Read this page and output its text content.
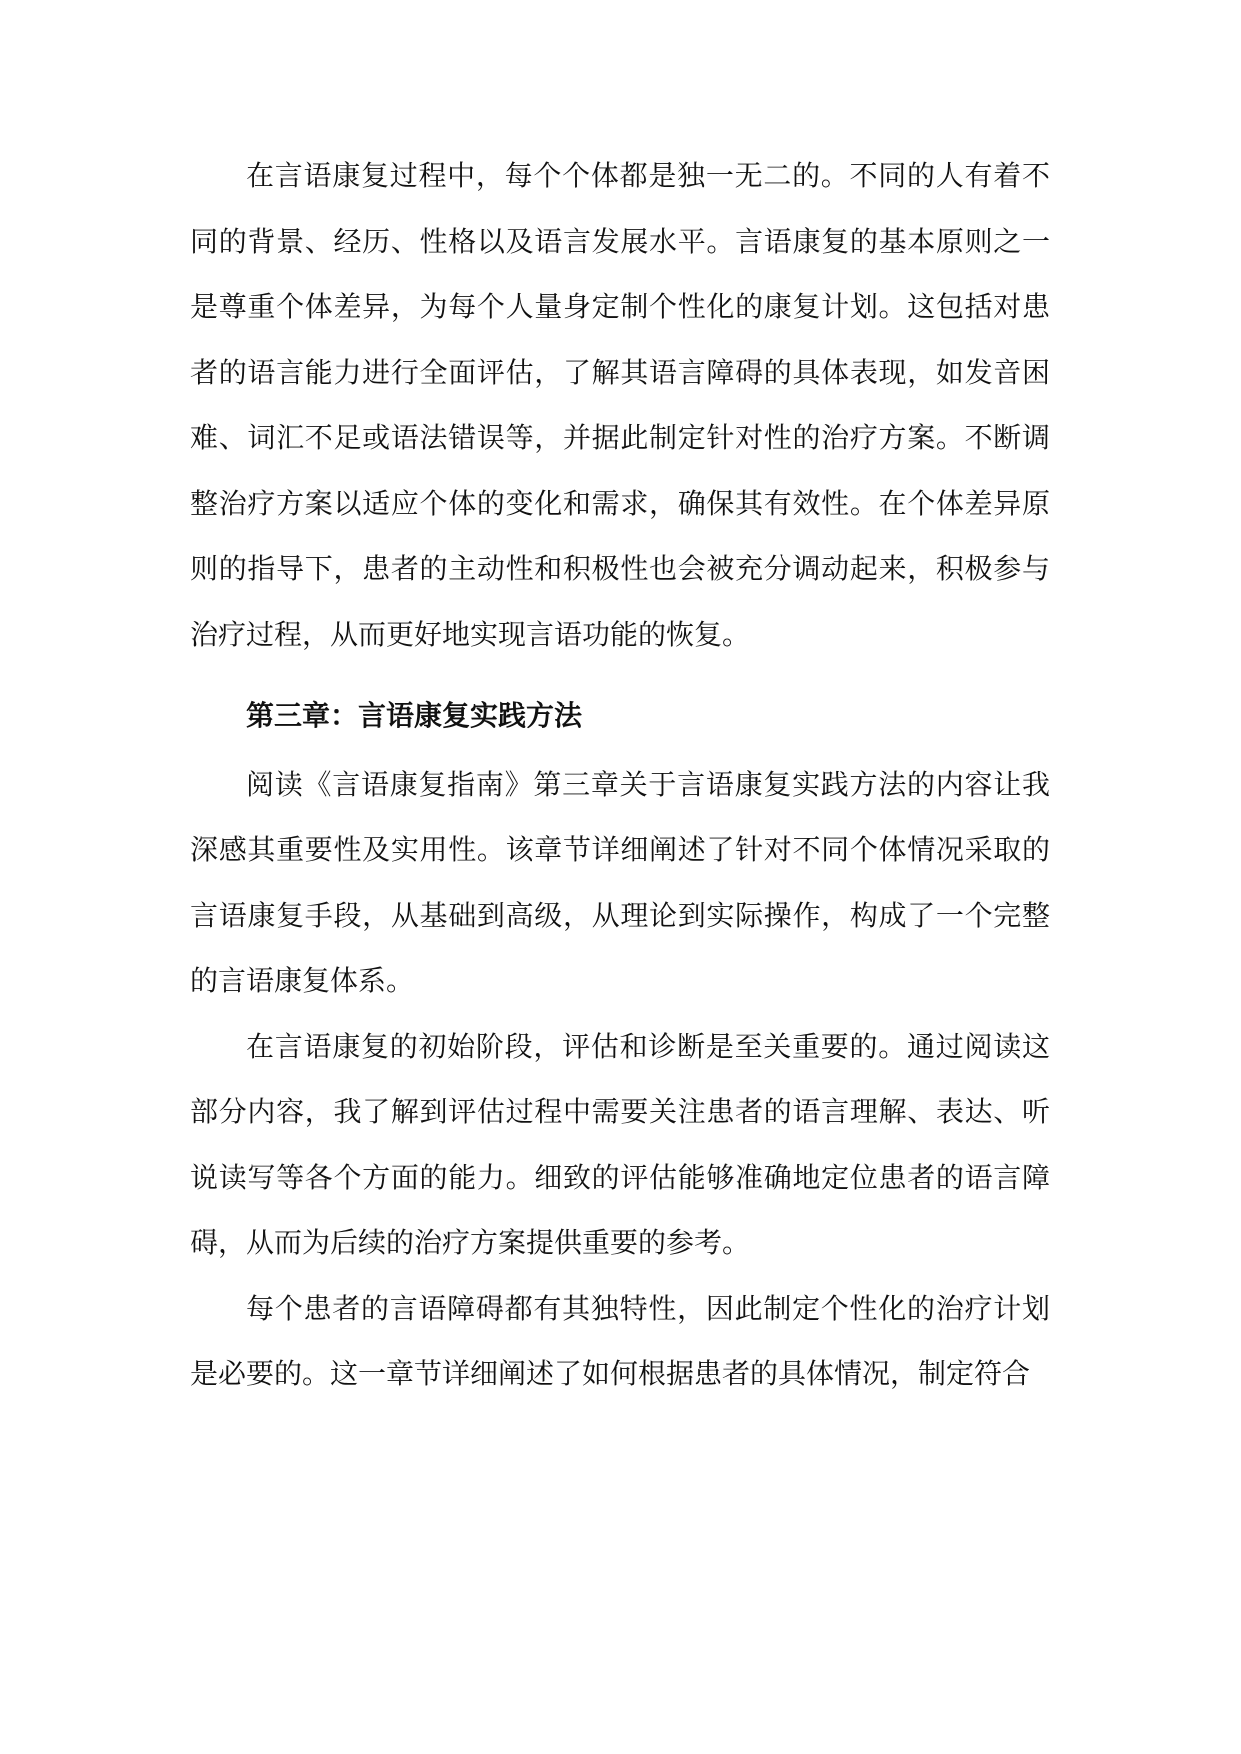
在言语康复过程中，每个个体都是独一无二的。不同的人有着不同的背景、经历、性格以及语言发展水平。言语康复的基本原则之一是尊重个体差异，为每个人量身定制个性化的康复计划。这包括对患者的语言能力进行全面评估，了解其语言障碍的具体表现，如发音困难、词汇不足或语法错误等，并据此制定针对性的治疗方案。不断调整治疗方案以适应个体的变化和需求，确保其有效性。在个体差异原则的指导下，患者的主动性和积极性也会被充分调动起来，积极参与治疗过程，从而更好地实现言语功能的恢复。

第三章：言语康复实践方法

阅读《言语康复指南》第三章关于言语康复实践方法的内容让我深感其重要性及实用性。该章节详细阐述了针对不同个体情况采取的言语康复手段，从基础到高级，从理论到实际操作，构成了一个完整的言语康复体系。

在言语康复的初始阶段，评估和诊断是至关重要的。通过阅读这部分内容，我了解到评估过程中需要关注患者的语言理解、表达、听说读写等各个方面的能力。细致的评估能够准确地定位患者的语言障碍，从而为后续的治疗方案提供重要的参考。

每个患者的言语障碍都有其独特性，因此制定个性化的治疗计划是必要的。这一章节详细阐述了如何根据患者的具体情况，制定符合
